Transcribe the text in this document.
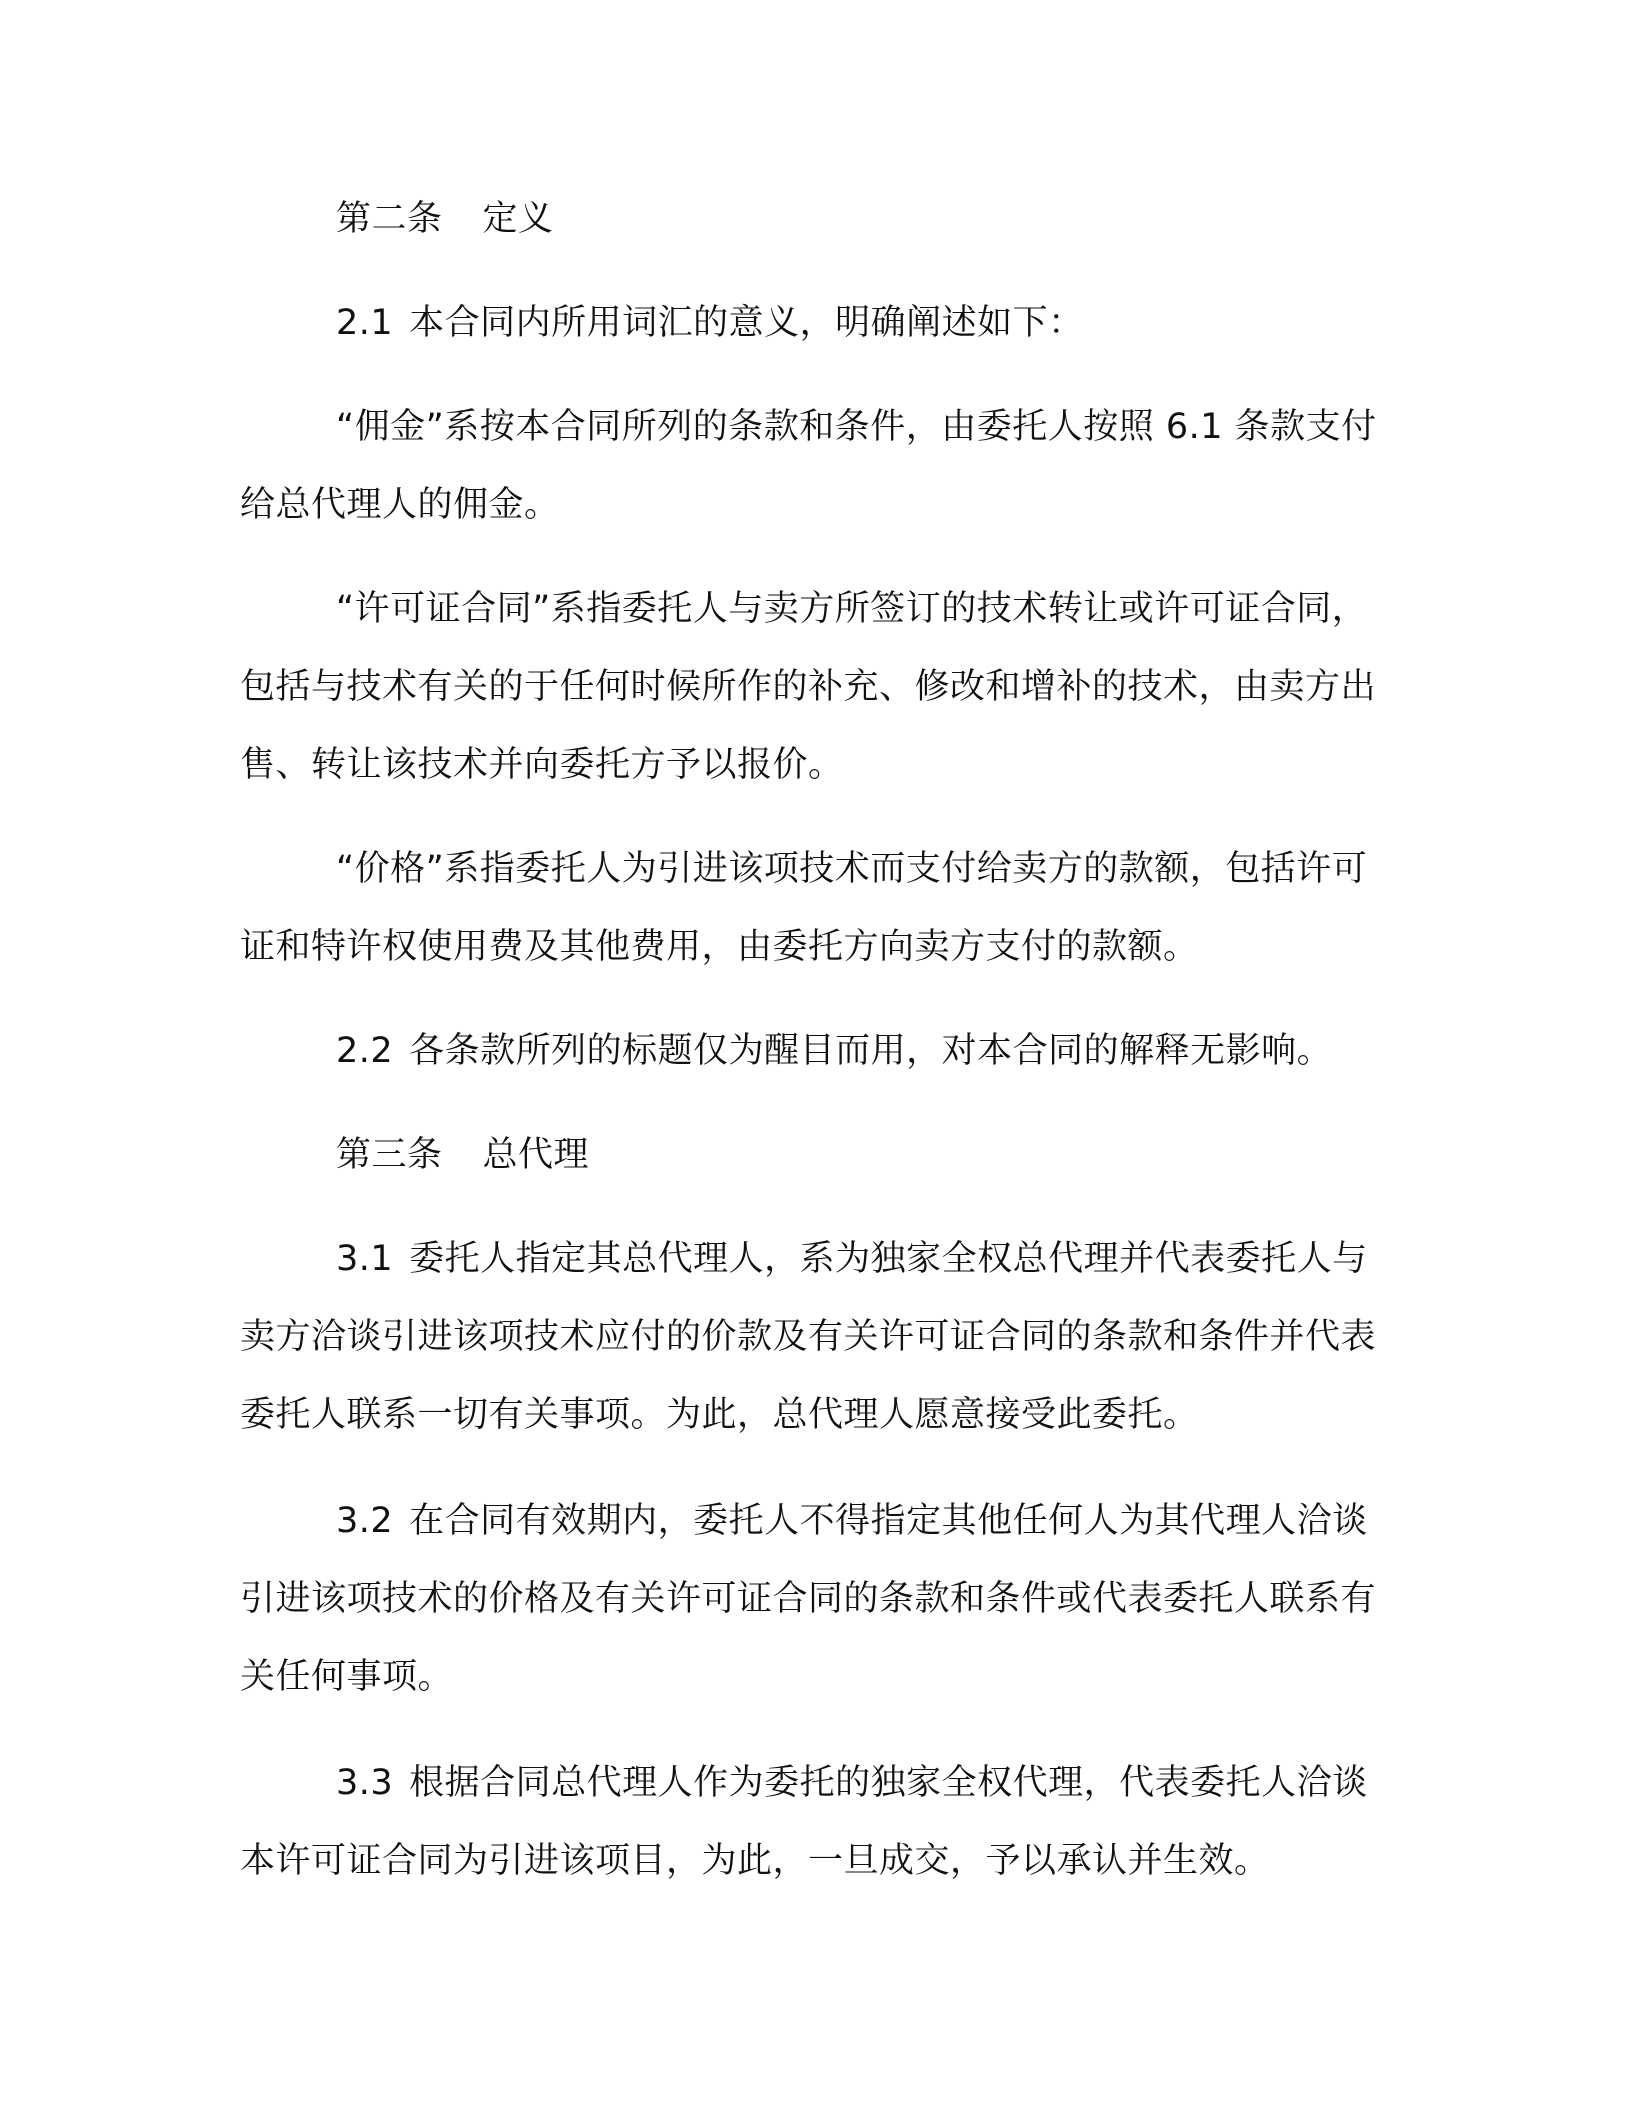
第二条 定义

2.1 本合同内所用词汇的意义，明确阐述如下：

“佣金”系按本合同所列的条款和条件，由委托人按照 6.1 条款支付给总代理人的佣金。

“许可证合同”系指委托人与卖方所签订的技术转让或许可证合同，包括与技术有关的于任何时候所作的补充、修改和增补的技术，由卖方出售、转让该技术并向委托方予以报价。

“价格”系指委托人为引进该项技术而支付给卖方的款额，包括许可证和特许权使用费及其他费用，由委托方向卖方支付的款额。

2.2 各条款所列的标题仅为醒目而用，对本合同的解释无影响。

第三条 总代理

3.1 委托人指定其总代理人，系为独家全权总代理并代表委托人与卖方洽谈引进该项技术应付的价款及有关许可证合同的条款和条件并代表委托人联系一切有关事项。为此，总代理人愿意接受此委托。

3.2 在合同有效期内，委托人不得指定其他任何人为其代理人洽谈引进该项技术的价格及有关许可证合同的条款和条件或代表委托人联系有关任何事项。

3.3 根据合同总代理人作为委托的独家全权代理，代表委托人洽谈本许可证合同为引进该项目，为此，一旦成交，予以承认并生效。
